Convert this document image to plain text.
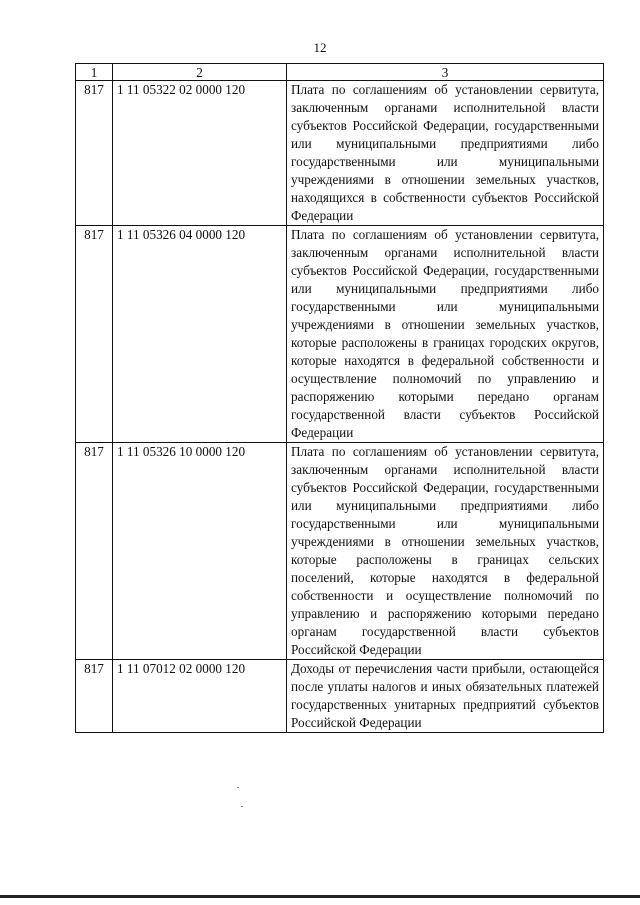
12
1	2	3
817	1 11 05322 02 0000 120	Плата по соглашениям об установлении сервитута, заключенным органами исполнительной власти субъектов Российской Федерации, государственными или муниципальными предприятиями либо государственными или муниципальными учреждениями в отношении земельных участков, находящихся в собственности субъектов Российской Федерации
817	1 11 05326 04 0000 120	Плата по соглашениям об установлении сервитута, заключенным органами исполнительной власти субъектов Российской Федерации, государственными или муниципальными предприятиями либо государственными или муниципальными учреждениями в отношении земельных участков, которые расположены в границах городских округов, которые находятся в федеральной собственности и осуществление полномочий по управлению и распоряжению которыми передано органам государственной власти субъектов Российской Федерации
817	1 11 05326 10 0000 120	Плата по соглашениям об установлении сервитута, заключенным органами исполнительной власти субъектов Российской Федерации, государственными или муниципальными предприятиями либо государственными или муниципальными учреждениями в отношении земельных участков, которые расположены в границах сельских поселений, которые находятся в федеральной собственности и осуществление полномочий по управлению и распоряжению которыми передано органам государственной власти субъектов Российской Федерации
817	1 11 07012 02 0000 120	Доходы от перечисления части прибыли, остающейся после уплаты налогов и иных обязательных платежей государственных унитарных предприятий субъектов Российской Федерации
